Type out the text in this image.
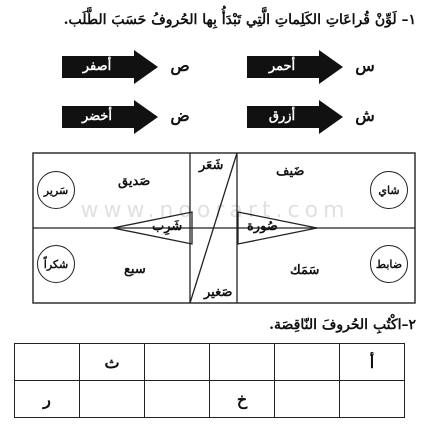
١– لَوِّنْ قُراعَاتِ الكَلِماتِ الَّتِي تَبْدَأُ بِها الحُروفُ حَسَبَ الطَّلَب.
أحمر	س
أصفر	ص
أزرق	ش
أخضر	ض
سَرير	شاي
شكراً	ضابط
صَديق
شَعَر	ضَيف
شَرِب	صُورة
سبع
صَغير
سَمَك
www.noorart.com
٢–اكْتُبِ الحُروفَ النّاقِصَة.
	ث				أ
ر			خ		
